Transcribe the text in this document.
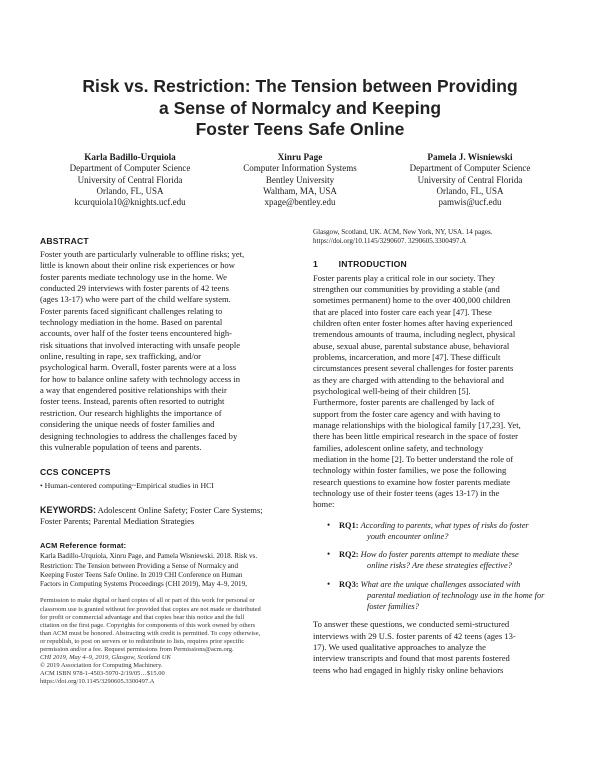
Risk vs. Restriction: The Tension between Providing
a Sense of Normalcy and Keeping
Foster Teens Safe Online
Karla Badillo-Urquiola
Department of Computer Science
University of Central Florida
Orlando, FL, USA
kcurquiola10@knights.ucf.edu
Xinru Page
Computer Information Systems
Bentley University
Waltham, MA, USA
xpage@bentley.edu
Pamela J. Wisniewski
Department of Computer Science
University of Central Florida
Orlando, FL, USA
pamwis@ucf.edu

ABSTRACT

Foster youth are particularly vulnerable to offline risks; yet,
little is known about their online risk experiences or how
foster parents mediate technology use in the home. We
conducted 29 interviews with foster parents of 42 teens
(ages 13-17) who were part of the child welfare system.
Foster parents faced significant challenges relating to
technology mediation in the home. Based on parental
accounts, over half of the foster teens encountered high-
risk situations that involved interacting with unsafe people
online, resulting in rape, sex trafficking, and/or
psychological harm. Overall, foster parents were at a loss
for how to balance online safety with technology access in
a way that engendered positive relationships with their
foster teens. Instead, parents often resorted to outright
restriction. Our research highlights the importance of
considering the unique needs of foster families and
designing technologies to address the challenges faced by
this vulnerable population of teens and parents.

CCS CONCEPTS

• Human-centered computing~Empirical studies in HCI
KEYWORDS: Adolescent Online Safety; Foster Care Systems;
Foster Parents; Parental Mediation Strategies

ACM Reference format:

Karla Badillo-Urquiola, Xinru Page, and Pamela Wisniewski. 2018. Risk vs.
Restriction: The Tension between Providing a Sense of Normalcy and
Keeping Foster Teens Safe Online. In 2019 CHI Conference on Human
Factors in Computing Systems Proceedings (CHI 2019), May 4–9, 2019,
Permission to make digital or hard copies of all or part of this work for personal or
classroom use is granted without fee provided that copies are not made or distributed
for profit or commercial advantage and that copies bear this notice and the full
citation on the first page. Copyrights for components of this work owned by others
than ACM must be honored. Abstracting with credit is permitted. To copy otherwise,
or republish, to post on servers or to redistribute to lists, requires prior specific
permission and/or a fee. Request permissions from Permissions@acm.org.
CHI 2019, May 4–9, 2019, Glasgow, Scotland UK
© 2019 Association for Computing Machinery.
ACM ISBN 978-1-4503-5970-2/19/05…$15.00
https://doi.org/10.1145/3290605.3300497.A
Glasgow, Scotland, UK. ACM, New York, NY, USA. 14 pages.
https://doi.org/10.1145/3290607. 3290605.3300497.A

1        INTRODUCTION

Foster parents play a critical role in our society. They
strengthen our communities by providing a stable (and
sometimes permanent) home to the over 400,000 children
that are placed into foster care each year [47]. These
children often enter foster homes after having experienced
tremendous amounts of trauma, including neglect, physical
abuse, sexual abuse, parental substance abuse, behavioral
problems, incarceration, and more [47]. These difficult
circumstances present several challenges for foster parents
as they are charged with attending to the behavioral and
psychological well-being of their children [5].
Furthermore, foster parents are challenged by lack of
support from the foster care agency and with having to
manage relationships with the biological family [17,23]. Yet,
there has been little empirical research in the space of foster
families, adolescent online safety, and technology
mediation in the home [2]. To better understand the role of
technology within foster families, we pose the following
research questions to examine how foster parents mediate
technology use of their foster teens (ages 13-17) in the
home:
• RQ1: According to parents, what types of risks do foster
youth encounter online?
• RQ2: How do foster parents attempt to mediate these
online risks? Are these strategies effective?
• RQ3: What are the unique challenges associated with
parental mediation of technology use in the home for
foster families?
To answer these questions, we conducted semi-structured
interviews with 29 U.S. foster parents of 42 teens (ages 13-
17). We used qualitative approaches to analyze the
interview transcripts and found that most parents fostered
teens who had engaged in highly risky online behaviors
